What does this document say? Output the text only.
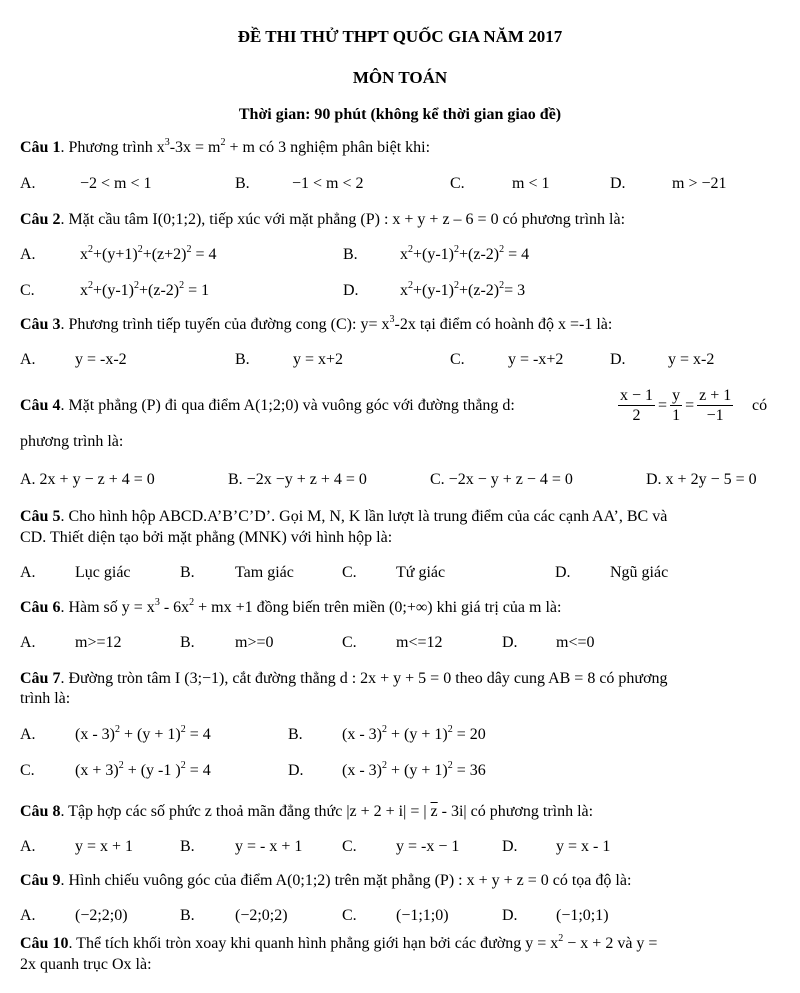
ĐỀ THI THỬ THPT QUỐC GIA NĂM 2017
MÔN TOÁN
Thời gian: 90 phút (không kể thời gian giao đề)
Câu 1. Phương trình $x^3-3x = m^2 + m$ có 3 nghiệm phân biệt khi:
A.	−2 < m < 1	B.	−1 < m < 2	C.	m < 1	D.	m > −21
Câu 2. Mặt cầu tâm I(0;1;2), tiếp xúc với mặt phẳng (P) : x + y + z – 6 = 0 có phương trình là:
A.	$x^2+(y+1)^2+(z+2)^2 = 4$	B.	$x^2+(y-1)^2+(z-2)^2 = 4$
C.	$x^2+(y-1)^2+(z-2)^2 = 1$	D.	$x^2+(y-1)^2+(z-2)^2= 3$
Câu 3. Phương trình tiếp tuyến của đường cong (C): $y= x^3-2x$ tại điểm có hoành độ x =-1 là:
A. y = -x-2	B.	y = x+2	C.	y = -x+2	D.	y = x-2
Câu 4. Mặt phẳng (P) đi qua điểm A(1;2;0) và vuông góc với đường thẳng d:	$\frac{x - 1}{2} = \frac{y}{1} = \frac{z + 1}{-1}$ có
phương trình là:
A. 2x + y − z + 4 = 0	B. −2x −y + z + 4 = 0	C. −2x − y + z − 4 = 0	D. x + 2y − 5 = 0
Câu 5. Cho hình hộp ABCD.A’B’C’D’. Gọi M, N, K lần lượt là trung điểm của các cạnh AA’, BC và
CD. Thiết diện tạo bởi mặt phẳng (MNK) với hình hộp là:
A. Lục giác	B.	Tam giác	C. Tứ giác	D. Ngũ giác
Câu 6. Hàm số $y = x^3 - 6x^2$ + mx +1 đồng biến trên miền (0;+∞) khi giá trị của m là:
A. m>=12	B.	m>=0	C. m<=12	D. m<=0
Câu 7. Đường tròn tâm I (3;−1), cắt đường thẳng d : 2x + y + 5 = 0 theo dây cung AB = 8 có phương
trình là:
A. $(x - 3)^2 + (y + 1)^2 = 4$	B. $(x - 3)^2 + (y + 1)^2 = 20$
C.	$(x + 3)^2 + (y$ -1 )$^2$ = 4	D. $(x - 3)^2 + (y + 1)^2 = 36$
Câu 8. Tập hợp các số phức z thoả mãn đẳng thức |z + 2 + i| = | $\overline{z} - 3i|$ có phương trình là:
A. y = x + 1	B.	y = - x + 1 C. y = -x − 1	D. y = x - 1
Câu 9. Hình chiếu vuông góc của điểm A(0;1;2) trên mặt phẳng (P) : x + y + z = 0 có tọa độ là:
A. (−2;2;0)	B.	(−2;0;2)	C. (−1;1;0)	D. (−1;0;1)
Câu 10. Thể tích khối tròn xoay khi quanh hình phẳng giới hạn bởi các đường $y = x^2 - x + 2$ và y =
2x quanh trục Ox là:
